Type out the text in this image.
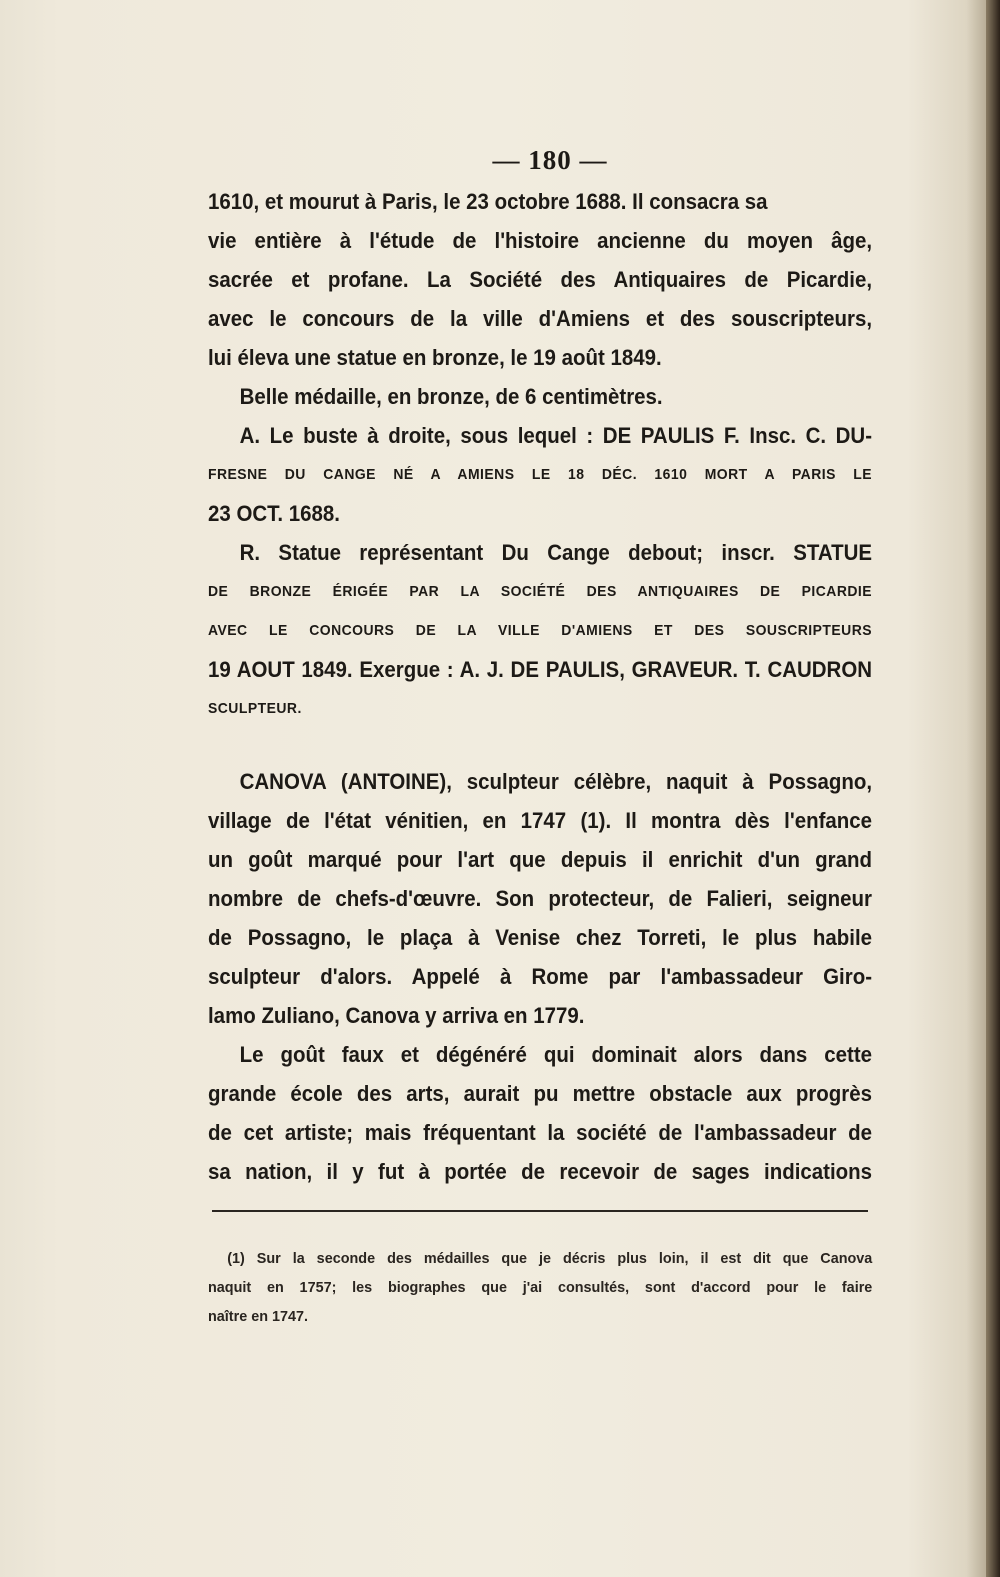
— 180 —
1610, et mourut à Paris, le 23 octobre 1688. Il consacra sa
vie entière à l'étude de l'histoire ancienne du moyen âge,
sacrée et profane. La Société des Antiquaires de Picardie,
avec le concours de la ville d'Amiens et des souscripteurs,
lui éleva une statue en bronze, le 19 août 1849.
Belle médaille, en bronze, de 6 centimètres.
A. Le buste à droite, sous lequel : DE PAULIS F. Insc. C. DU-
FRESNE DU CANGE NÉ A AMIENS LE 18 DÉC. 1610 MORT A PARIS LE
23 OCT. 1688.
R. Statue représentant Du Cange debout; inscr. STATUE
DE BRONZE ÉRIGÉE PAR LA SOCIÉTÉ DES ANTIQUAIRES DE PICARDIE
AVEC LE CONCOURS DE LA VILLE D'AMIENS ET DES SOUSCRIPTEURS
19 AOUT 1849. Exergue : A. J. DE PAULIS, GRAVEUR. T. CAUDRON
SCULPTEUR.
CANOVA (ANTOINE), sculpteur célèbre, naquit à Possagno,
village de l'état vénitien, en 1747 (1). Il montra dès l'enfance
un goût marqué pour l'art que depuis il enrichit d'un grand
nombre de chefs-d'œuvre. Son protecteur, de Falieri, seigneur
de Possagno, le plaça à Venise chez Torreti, le plus habile
sculpteur d'alors. Appelé à Rome par l'ambassadeur Giro-
lamo Zuliano, Canova y arriva en 1779.
Le goût faux et dégénéré qui dominait alors dans cette
grande école des arts, aurait pu mettre obstacle aux progrès
de cet artiste; mais fréquentant la société de l'ambassadeur de
sa nation, il y fut à portée de recevoir de sages indications
(1) Sur la seconde des médailles que je décris plus loin, il est dit que Canova
naquit en 1757; les biographes que j'ai consultés, sont d'accord pour le faire
naître en 1747.
